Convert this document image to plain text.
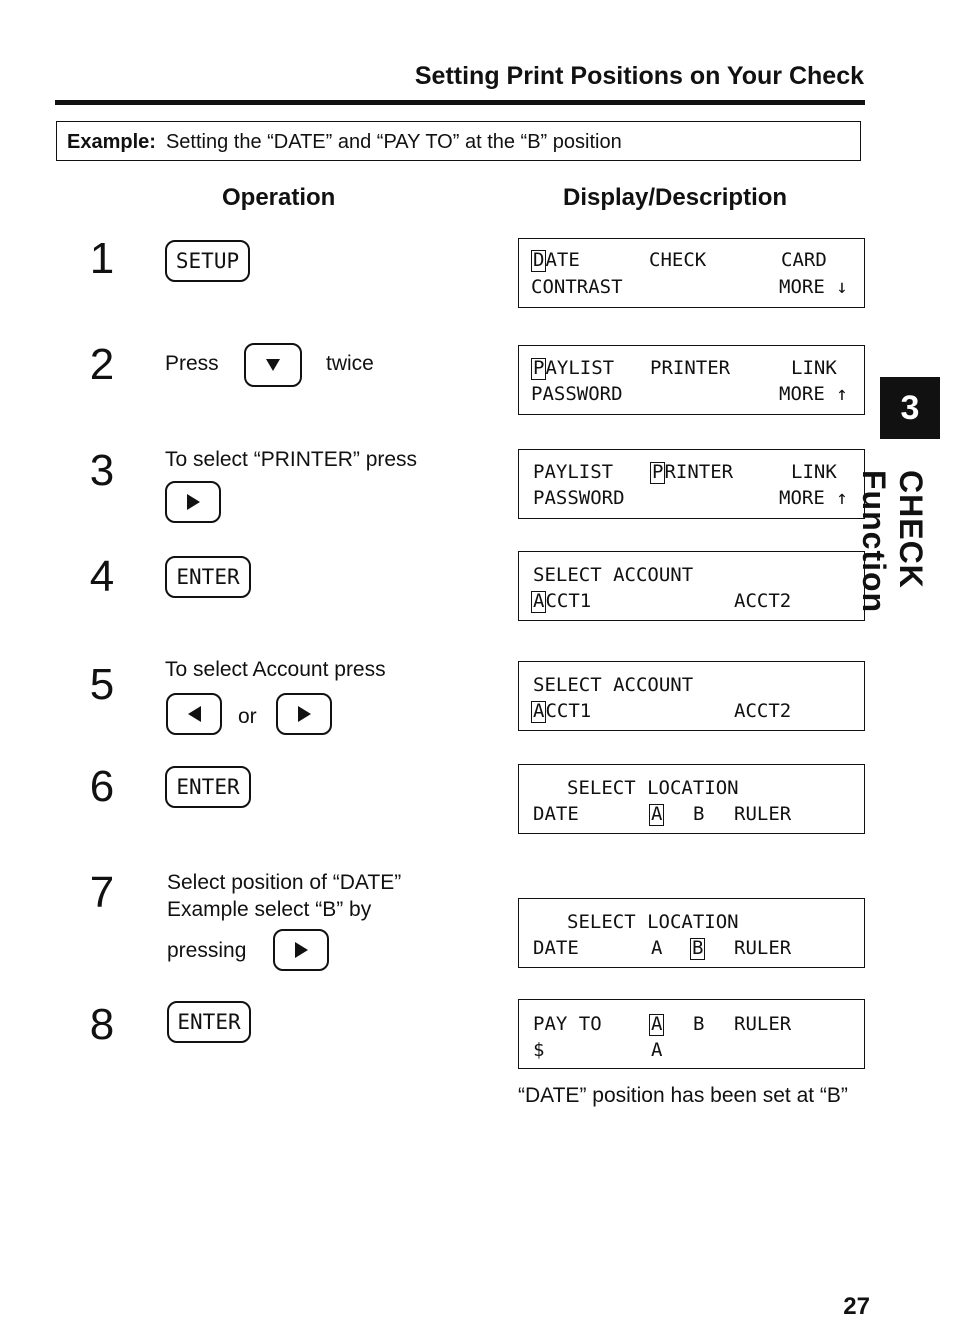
Setting Print Positions on Your Check
Example: Setting the “DATE” and “PAY TO” at the “B” position
Operation	Display/Description
1	SETUP	DATE	CHECK	CARD
CONTRAST	MORE ↓
2	Press	twice	PAYLIST PRINTER	LINK
PASSWORD	MORE ↑
3	To select “PRINTER” press
PAYLIST PRINTER	LINK
PASSWORD	MORE ↑
4	ENTER	SELECT ACCOUNT
ACCT1	ACCT2
5	To select Account press
or
SELECT ACCOUNT
ACCT1	ACCT2
6	ENTER	SELECT LOCATION
DATE	A B RULER
7	Select position of “DATE”
Example select “B” by
pressing
SELECT LOCATION
DATE	A B RULER
8	ENTER	PAY TO	A B RULER
$	A
“DATE” position has been set at “B”
3
CHECK Function
27
